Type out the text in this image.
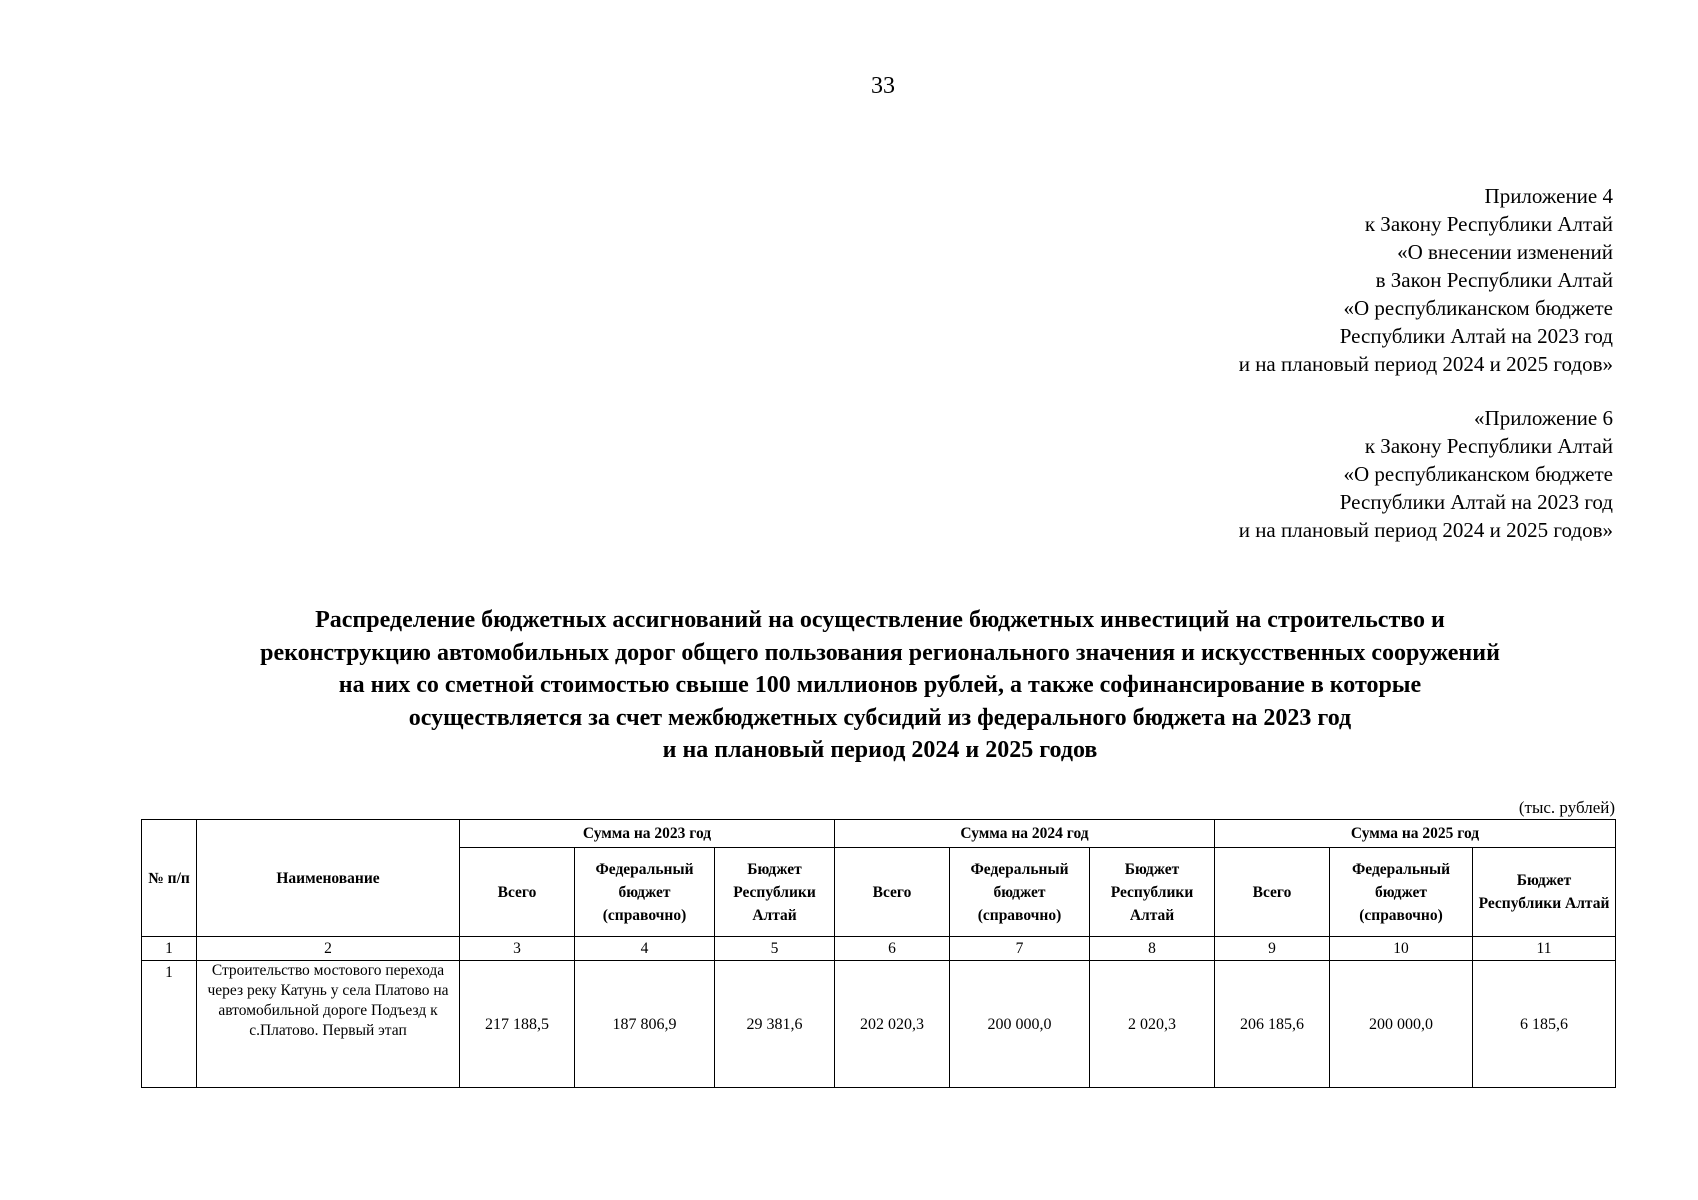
33
Приложение 4
к Закону Республики Алтай
«О внесении изменений
в Закон Республики Алтай
«О республиканском бюджете
Республики Алтай на 2023 год
и на плановый период 2024 и 2025 годов»
«Приложение 6
к Закону Республики Алтай
«О республиканском бюджете
Республики Алтай на 2023 год
и на плановый период 2024 и 2025 годов»
Распределение бюджетных ассигнований на осуществление бюджетных инвестиций на строительство и
реконструкцию автомобильных дорог общего пользования регионального значения и искусственных сооружений
на них со сметной стоимостью свыше 100 миллионов рублей, а также софинансирование в которые
осуществляется за счет межбюджетных субсидий из федерального бюджета на 2023 год
и на плановый период 2024 и 2025 годов
(тыс. рублей)
№ п/п	Наименование	Сумма на 2023 год			Сумма на 2024 год			Сумма на 2025 год		
		Всего	Федеральный бюджет (справочно)	Бюджет Республики Алтай	Всего	Федеральный бюджет (справочно)	Бюджет Республики Алтай	Всего	Федеральный бюджет (справочно)	Бюджет Республики Алтай
1	2	3	4	5	6	7	8	9	10	11
1	Строительство мостового перехода через реку Катунь у села Платово на автомобильной дороге Подъезд к с.Платово. Первый этап	217 188,5	187 806,9	29 381,6	202 020,3	200 000,0	2 020,3	206 185,6	200 000,0	6 185,6
